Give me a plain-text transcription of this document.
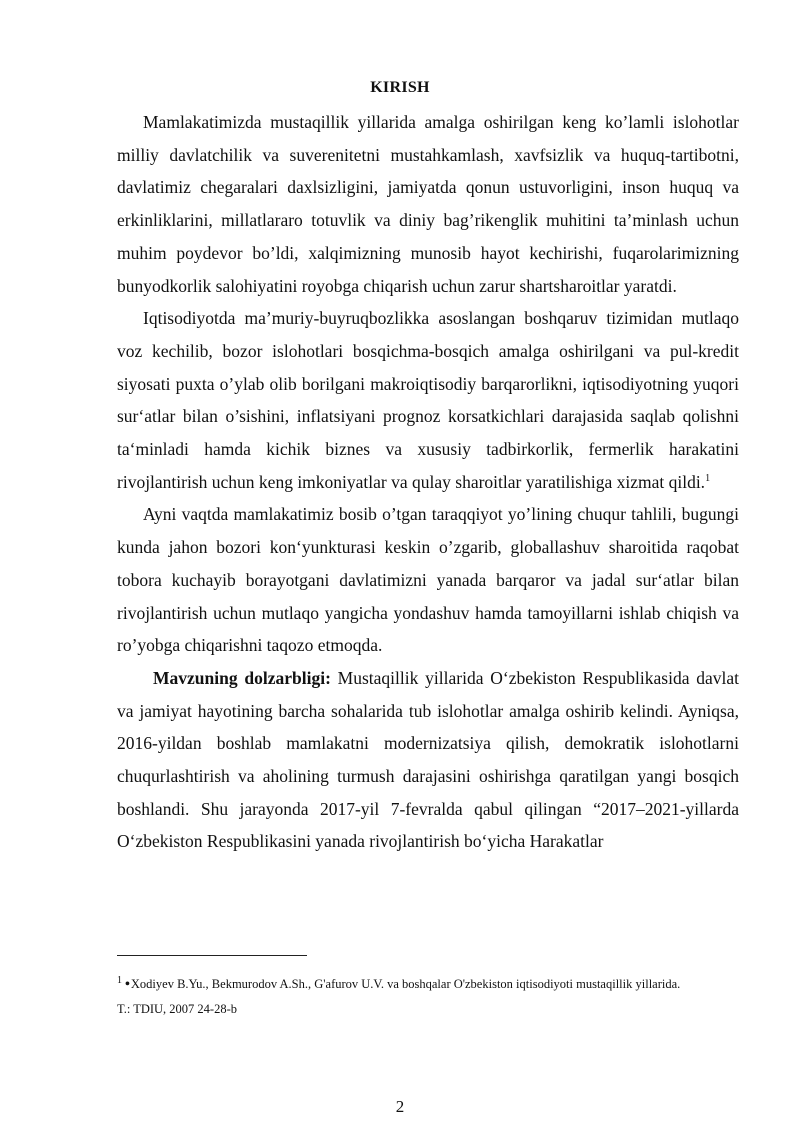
KIRISH

Mamlakatimizda mustaqillik yillarida amalga oshirilgan keng ko’lamli islohotlar milliy davlatchilik va suverenitetni mustahkamlash, xavfsizlik va huquq-tartibotni, davlatimiz chegaralari daxlsizligini, jamiyatda qonun ustuvorligini, inson huquq va erkinliklarini, millatlararo totuvlik va diniy bag’rikenglik muhitini ta’minlash uchun muhim poydevor bo’ldi, xalqimizning munosib hayot kechirishi, fuqarolarimizning bunyodkorlik salohiyatini royobga chiqarish uchun zarur shartsharoitlar yaratdi.

Iqtisodiyotda ma’muriy-buyruqbozlikka asoslangan boshqaruv tizimidan mutlaqo voz kechilib, bozor islohotlari bosqichma-bosqich amalga oshirilgani va pul-kredit siyosati puxta o’ylab olib borilgani makroiqtisodiy barqarorlikni, iqtisodiyotning yuqori sur‘atlar bilan o’sishini, inflatsiyani prognoz korsatkichlari darajasida saqlab qolishni ta‘minladi hamda kichik biznes va xususiy tadbirkorlik, fermerlik harakatini rivojlantirish uchun keng imkoniyatlar va qulay sharoitlar yaratilishiga xizmat qildi.$^1$

Ayni vaqtda mamlakatimiz bosib o’tgan taraqqiyot yo’lining chuqur tahlili, bugungi kunda jahon bozori kon‘yunkturasi keskin o’zgarib, globallashuv sharoitida raqobat tobora kuchayib borayotgani davlatimizni yanada barqaror va jadal sur‘atlar bilan rivojlantirish uchun mutlaqo yangicha yondashuv hamda tamoyillarni ishlab chiqish va ro’yobga chiqarishni taqozo etmoqda.

Mavzuning dolzarbligi: Mustaqillik yillarida O‘zbekiston Respublikasida davlat va jamiyat hayotining barcha sohalarida tub islohotlar amalga oshirib kelindi. Ayniqsa, 2016-yildan boshlab mamlakatni modernizatsiya qilish, demokratik islohotlarni chuqurlashtirish va aholining turmush darajasini oshirishga qaratilgan yangi bosqich boshlandi. Shu jarayonda 2017-yil 7-fevralda qabul qilingan “2017–2021-yillarda O‘zbekiston Respublikasini yanada rivojlantirish bo‘yicha Harakatlar

$^1$ •Xodiyev B.Yu., Bekmurodov A.Sh., G'afurov U.V. va boshqalar O'zbekiston iqtisodiyoti mustaqillik yillarida.
T.: TDIU, 2007 24-28-b
2
